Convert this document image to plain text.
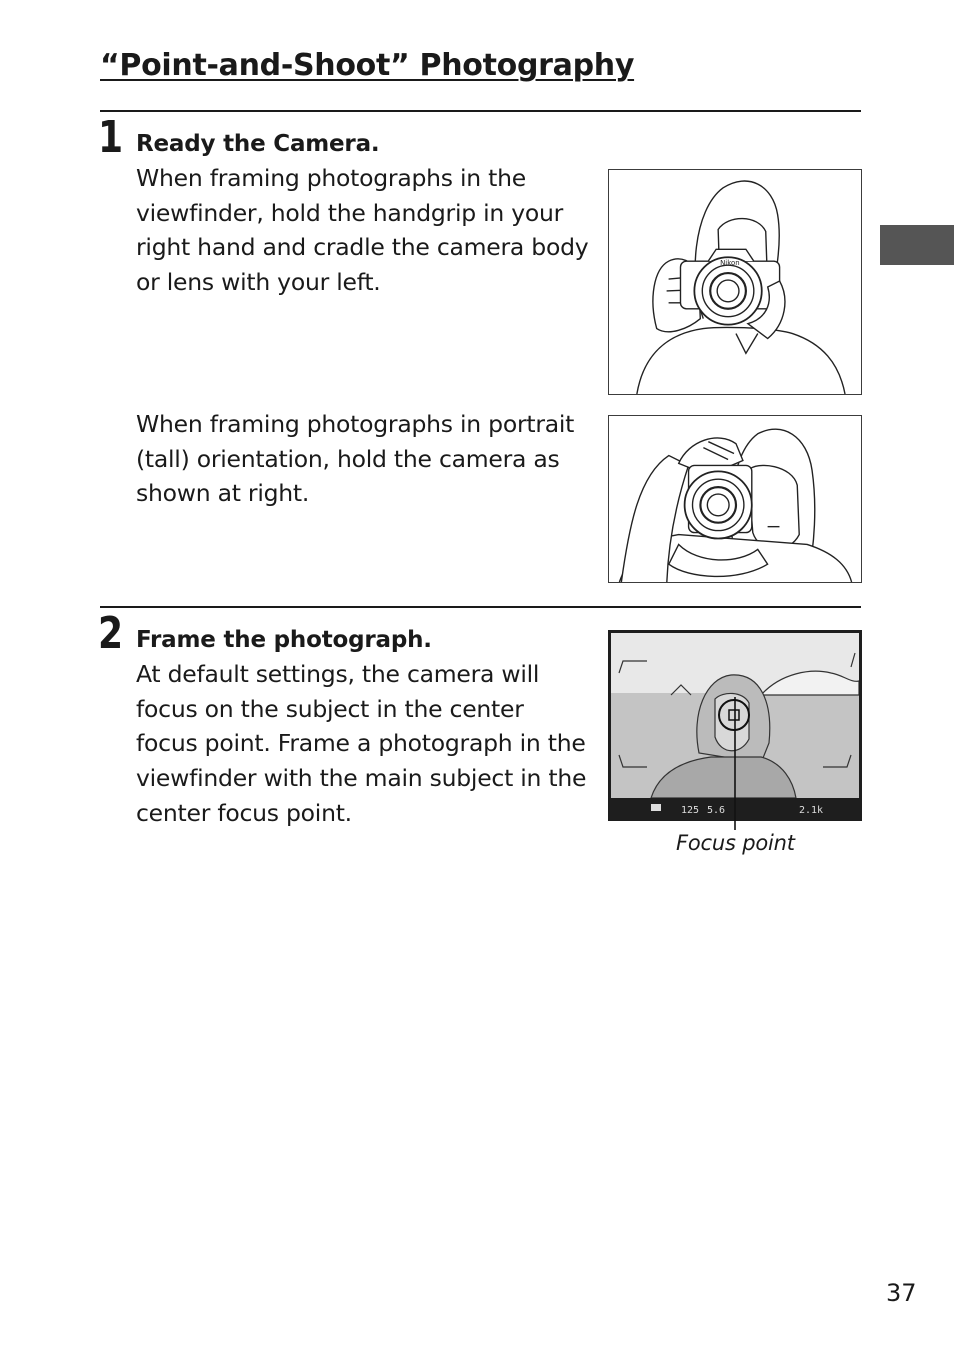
“Point-and-Shoot” Photography
1 Ready the Camera.
When framing photographs in the viewfinder, hold the handgrip in your right hand and cradle the camera body or lens with your left.
When framing photographs in portrait (tall) orientation, hold the camera as shown at right.
Nikon
2 Frame the photograph.
At default settings, the camera will focus on the subject in the center focus point. Frame a photograph in the viewfinder with the main subject in the center focus point.	125 5.6	2.1k
Focus point
37
